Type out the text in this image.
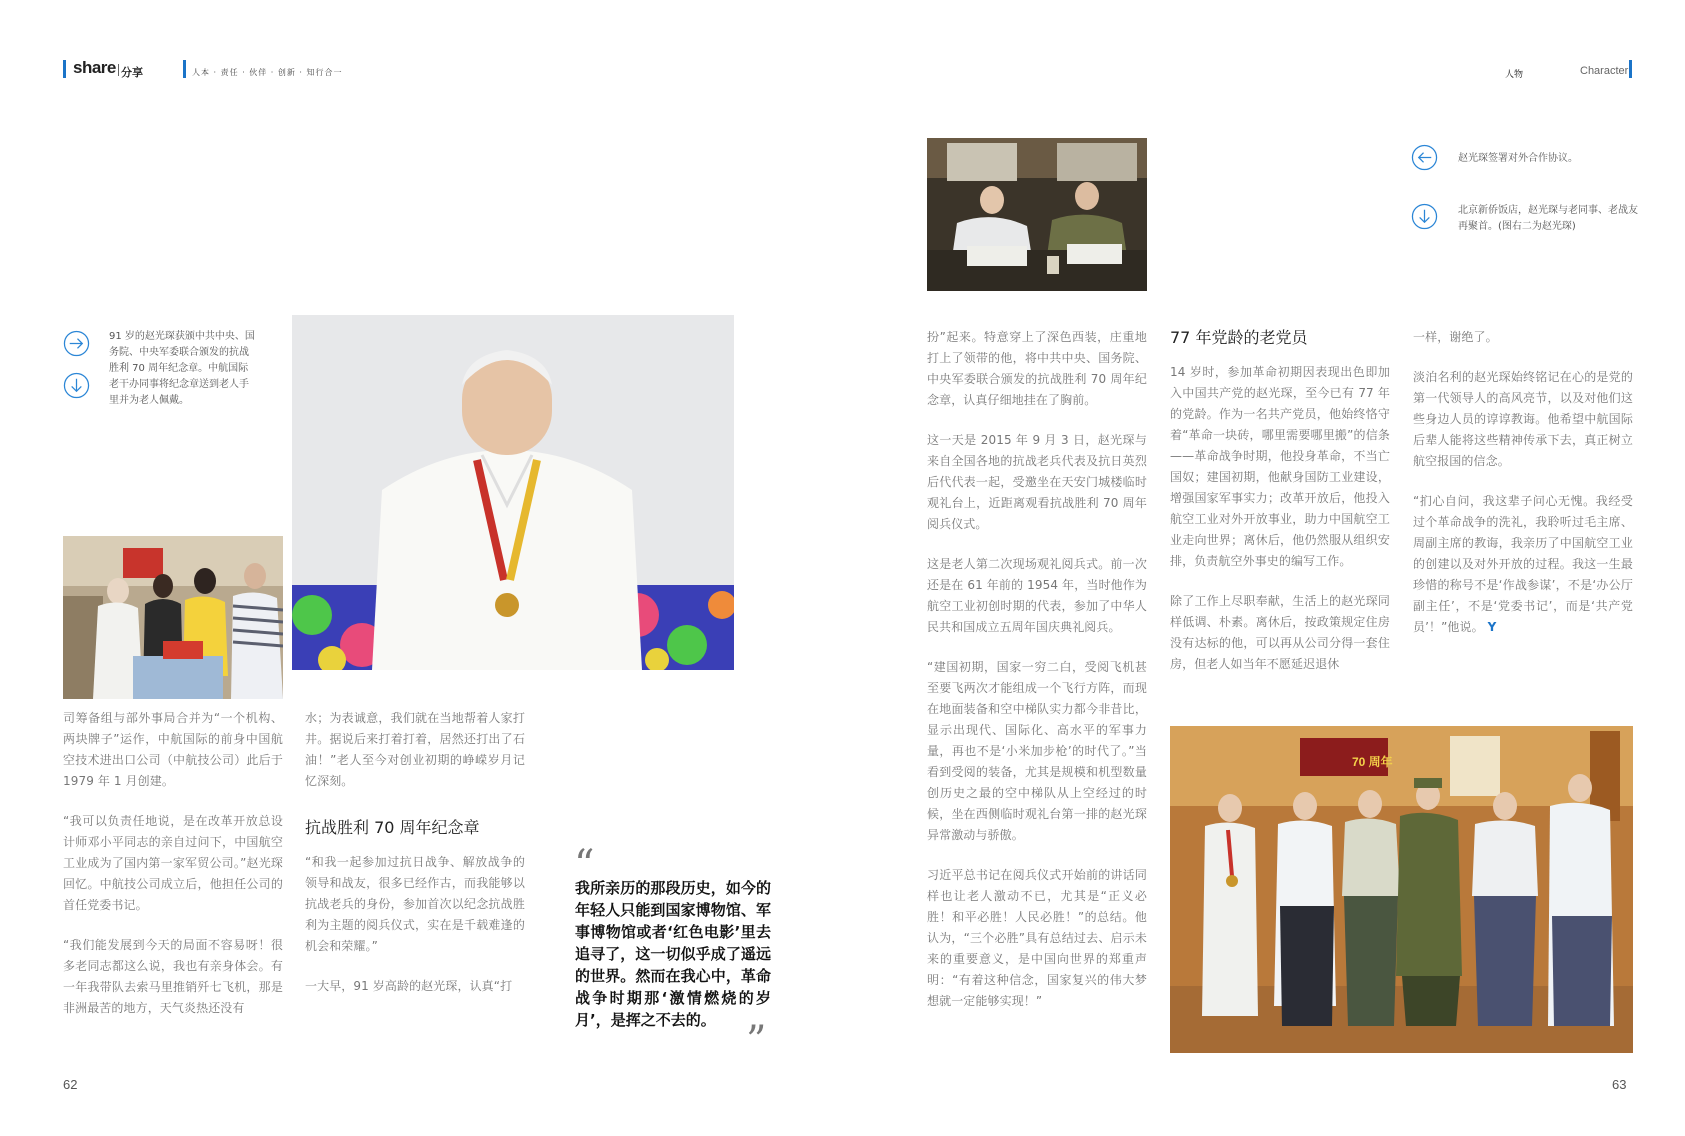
share 分享	人本 · 责任 · 伙伴 · 创新 · 知行合一	人物	Character
91 岁的赵光琛获颁中共中央、国务院、中央军委联合颁发的抗战胜利 70 周年纪念章。中航国际老干办同事将纪念章送到老人手里并为老人佩戴。

司筹备组与部外事局合并为“一个机构、两块牌子”运作，中航国际的前身中国航空技术进出口公司（中航技公司）此后于 1979 年 1 月创建。

“我可以负责任地说，是在改革开放总设计师邓小平同志的亲自过问下，中国航空工业成为了国内第一家军贸公司。”赵光琛回忆。中航技公司成立后，他担任公司的首任党委书记。

“我们能发展到今天的局面不容易呀！很多老同志都这么说，我也有亲身体会。有一年我带队去索马里推销歼七飞机，那是非洲最苦的地方，天气炎热还没有

水；为表诚意，我们就在当地帮着人家打井。据说后来打着打着，居然还打出了石油！”老人至今对创业初期的峥嵘岁月记忆深刻。

抗战胜利 70 周年纪念章

“和我一起参加过抗日战争、解放战争的领导和战友，很多已经作古，而我能够以抗战老兵的身份，参加首次以纪念抗战胜利为主题的阅兵仪式，实在是千载难逢的机会和荣耀。”

一大早，91 岁高龄的赵光琛，认真“打

“
我所亲历的那段历史，如今的年轻人只能到国家博物馆、军事博物馆或者‘红色电影’里去追寻了，这一切似乎成了遥远的世界。然而在我心中，革命战争时期那‘激情燃烧的岁月’，是挥之不去的。 ”
62
赵光琛签署对外合作协议。
北京新侨饭店，赵光琛与老同事、老战友再聚首。(图右二为赵光琛)

扮”起来。特意穿上了深色西装，庄重地打上了领带的他，将中共中央、国务院、中央军委联合颁发的抗战胜利 70 周年纪念章，认真仔细地挂在了胸前。

这一天是 2015 年 9 月 3 日，赵光琛与来自全国各地的抗战老兵代表及抗日英烈后代代表一起，受邀坐在天安门城楼临时观礼台上，近距离观看抗战胜利 70 周年阅兵仪式。

这是老人第二次现场观礼阅兵式。前一次还是在 61 年前的 1954 年，当时他作为航空工业初创时期的代表，参加了中华人民共和国成立五周年国庆典礼阅兵。

“建国初期，国家一穷二白，受阅飞机甚至要飞两次才能组成一个飞行方阵，而现在地面装备和空中梯队实力都今非昔比，显示出现代、国际化、高水平的军事力量，再也不是‘小米加步枪’的时代了。”当看到受阅的装备，尤其是规模和机型数量创历史之最的空中梯队从上空经过的时候，坐在西侧临时观礼台第一排的赵光琛异常激动与骄傲。

习近平总书记在阅兵仪式开始前的讲话同样也让老人激动不已，尤其是“正义必胜！和平必胜！人民必胜！”的总结。他认为，“三个必胜”具有总结过去、启示未来的重要意义，是中国向世界的郑重声明：“有着这种信念，国家复兴的伟大梦想就一定能够实现！”

77 年党龄的老党员

14 岁时，参加革命初期因表现出色即加入中国共产党的赵光琛，至今已有 77 年的党龄。作为一名共产党员，他始终恪守着“革命一块砖，哪里需要哪里搬”的信条——革命战争时期，他投身革命，不当亡国奴；建国初期，他献身国防工业建设，增强国家军事实力；改革开放后，他投入航空工业对外开放事业，助力中国航空工业走向世界；离休后，他仍然服从组织安排，负责航空外事史的编写工作。

除了工作上尽职奉献，生活上的赵光琛同样低调、朴素。离休后，按政策规定住房没有达标的他，可以再从公司分得一套住房，但老人如当年不愿延迟退休

一样，谢绝了。

淡泊名利的赵光琛始终铭记在心的是党的第一代领导人的高风亮节，以及对他们这些身边人员的谆谆教诲。他希望中航国际后辈人能将这些精神传承下去，真正树立航空报国的信念。

“扪心自问，我这辈子问心无愧。我经受过个革命战争的洗礼，我聆听过毛主席、周副主席的教诲，我亲历了中国航空工业的创建以及对外开放的过程。我这一生最珍惜的称号不是‘作战参谋’，不是‘办公厅副主任’，不是‘党委书记’，而是‘共产党员’！”他说。 Y

70 周年
63
